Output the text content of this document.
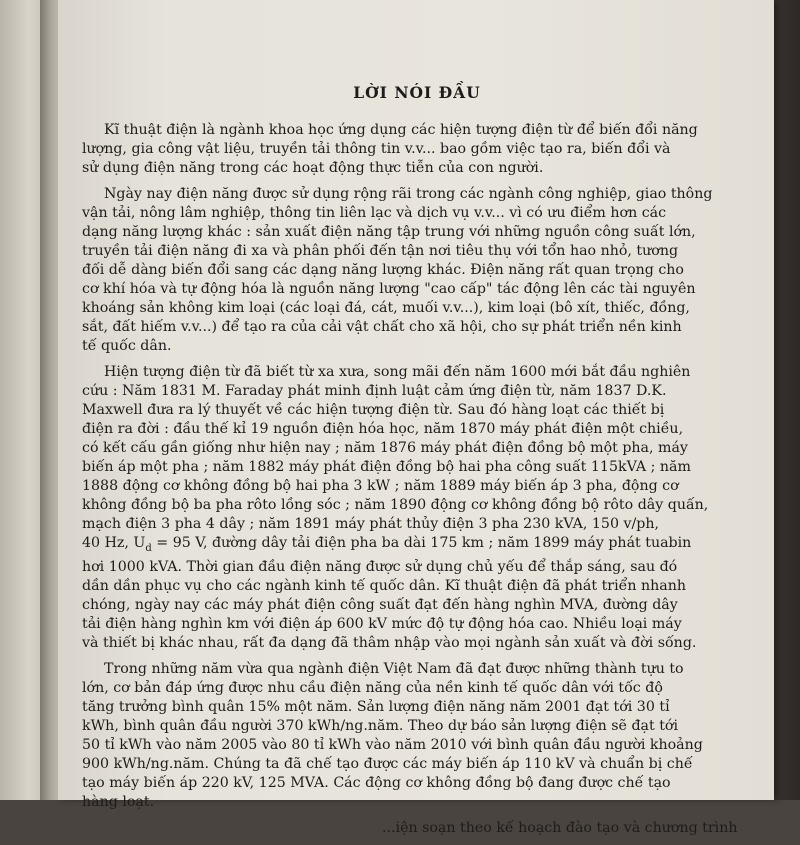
LỜI NÓI ĐẦU
Kĩ thuật điện là ngành khoa học ứng dụng các hiện tượng điện từ để biến đổi năng
lượng, gia công vật liệu, truyền tải thông tin v.v... bao gồm việc tạo ra, biến đổi và
sử dụng điện năng trong các hoạt động thực tiễn của con người.
Ngày nay điện năng được sử dụng rộng rãi trong các ngành công nghiệp, giao thông
vận tải, nông lâm nghiệp, thông tin liên lạc và dịch vụ v.v... vì có ưu điểm hơn các
dạng năng lượng khác : sản xuất điện năng tập trung với những nguồn công suất lớn,
truyền tải điện năng đi xa và phân phối đến tận nơi tiêu thụ với tổn hao nhỏ, tương
đối dễ dàng biến đổi sang các dạng năng lượng khác. Điện năng rất quan trọng cho
cơ khí hóa và tự động hóa là nguồn năng lượng "cao cấp" tác động lên các tài nguyên
khoáng sản không kim loại (các loại đá, cát, muối v.v...), kim loại (bô xít, thiếc, đồng,
sắt, đất hiếm v.v...) để tạo ra của cải vật chất cho xã hội, cho sự phát triển nền kinh
tế quốc dân.
Hiện tượng điện từ đã biết từ xa xưa, song mãi đến năm 1600 mới bắt đầu nghiên
cứu : Năm 1831 M. Faraday phát minh định luật cảm ứng điện từ, năm 1837 D.K.
Maxwell đưa ra lý thuyết về các hiện tượng điện từ. Sau đó hàng loạt các thiết bị
điện ra đời : đầu thế kỉ 19 nguồn điện hóa học, năm 1870 máy phát điện một chiều,
có kết cấu gần giống như hiện nay ; năm 1876 máy phát điện đồng bộ một pha, máy
biến áp một pha ; năm 1882 máy phát điện đồng bộ hai pha công suất 115kVA ; năm
1888 động cơ không đồng bộ hai pha 3 kW ; năm 1889 máy biến áp 3 pha, động cơ
không đồng bộ ba pha rôto lồng sóc ; năm 1890 động cơ không đồng bộ rôto dây quấn,
mạch điện 3 pha 4 dây ; năm 1891 máy phát thủy điện 3 pha 230 kVA, 150 v/ph,
40 Hz, $U_d = 95$ V, đường dây tải điện pha ba dài 175 km ; năm 1899 máy phát tuabin
hơi 1000 kVA. Thời gian đầu điện năng được sử dụng chủ yếu để thắp sáng, sau đó
dần dần phục vụ cho các ngành kinh tế quốc dân. Kĩ thuật điện đã phát triển nhanh
chóng, ngày nay các máy phát điện công suất đạt đến hàng nghìn MVA, đường dây
tải điện hàng nghìn km với điện áp 600 kV mức độ tự động hóa cao. Nhiều loại máy
và thiết bị khác nhau, rất đa dạng đã thâm nhập vào mọi ngành sản xuất và đời sống.
Trong những năm vừa qua ngành điện Việt Nam đã đạt được những thành tựu to
lớn, cơ bản đáp ứng được nhu cầu điện năng của nền kinh tế quốc dân với tốc độ
tăng trưởng bình quân 15% một năm. Sản lượng điện năng năm 2001 đạt tới 30 tỉ
kWh, bình quân đầu người 370 kWh/ng.năm. Theo dự báo sản lượng điện sẽ đạt tới
50 tỉ kWh vào năm 2005 vào 80 tỉ kWh vào năm 2010 với bình quân đầu người khoảng
900 kWh/ng.năm. Chúng ta đã chế tạo được các máy biến áp 110 kV và chuẩn bị chế
tạo máy biến áp 220 kV, 125 MVA. Các động cơ không đồng bộ đang được chế tạo
hàng loạt.
...iện soạn theo kế hoạch đào tạo và chương trình
